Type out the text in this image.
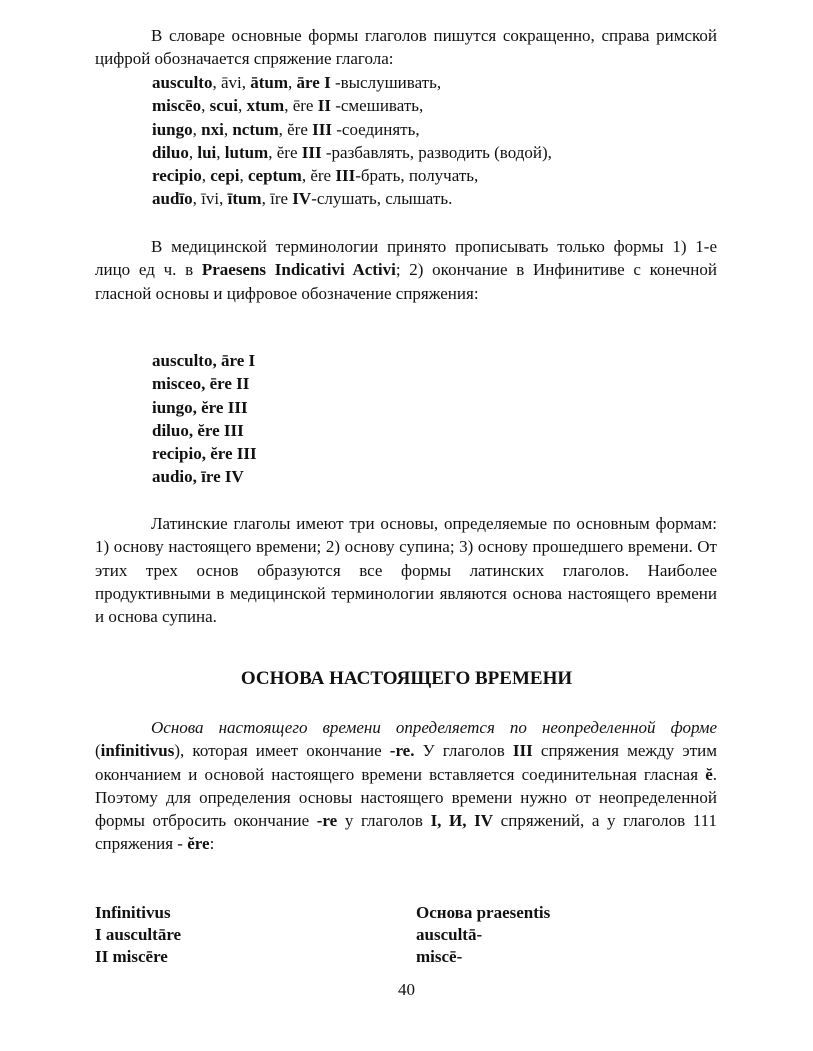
В словаре основные формы глаголов пишутся сокращенно, справа римской цифрой обозначается спряжение глагола:
ausculto, āvi, ātum, āre I -выслушивать,
miscēo, scui, xtum, ēre II -смешивать,
iungo, nxi, nctum, ĕre III -соединять,
diluo, lui, lutum, ĕre III -разбавлять, разводить (водой),
recipio, cepi, ceptum, ĕre III-брать, получать,
audīo, īvi, ītum, īre IV-слушать, слышать.
В медицинской терминологии принято прописывать только формы 1) 1-е лицо ед ч. в Praesens Indicativi Activi; 2) окончание в Инфинитиве с конечной гласной основы и цифровое обозначение спряжения:
ausculto, āre I
misceo, ēre II
iungo, ĕre III
diluo, ĕre III
recipio, ĕre III
audio, īre IV
Латинские глаголы имеют три основы, определяемые по основным формам: 1) основу настоящего времени; 2) основу супина; 3) основу прошедшего времени. От этих трех основ образуются все формы латинских глаголов. Наиболее продуктивными в медицинской терминологии являются основа настоящего времени и основа супина.
ОСНОВА НАСТОЯЩЕГО ВРЕМЕНИ
Основа настоящего времени определяется по неопределенной форме (infinitivus), которая имеет окончание -re. У глаголов III спряжения между этим окончанием и основой настоящего времени вставляется соединительная гласная ĕ. Поэтому для определения основы настоящего времени нужно от неопределенной формы отбросить окончание -re у глаголов I, И, IV спряжений, а у глаголов 111 спряжения - ĕre:
Infinitivus
I auscultāre
II miscēre
Основа praesentis
auscultā-
miscē-
40
